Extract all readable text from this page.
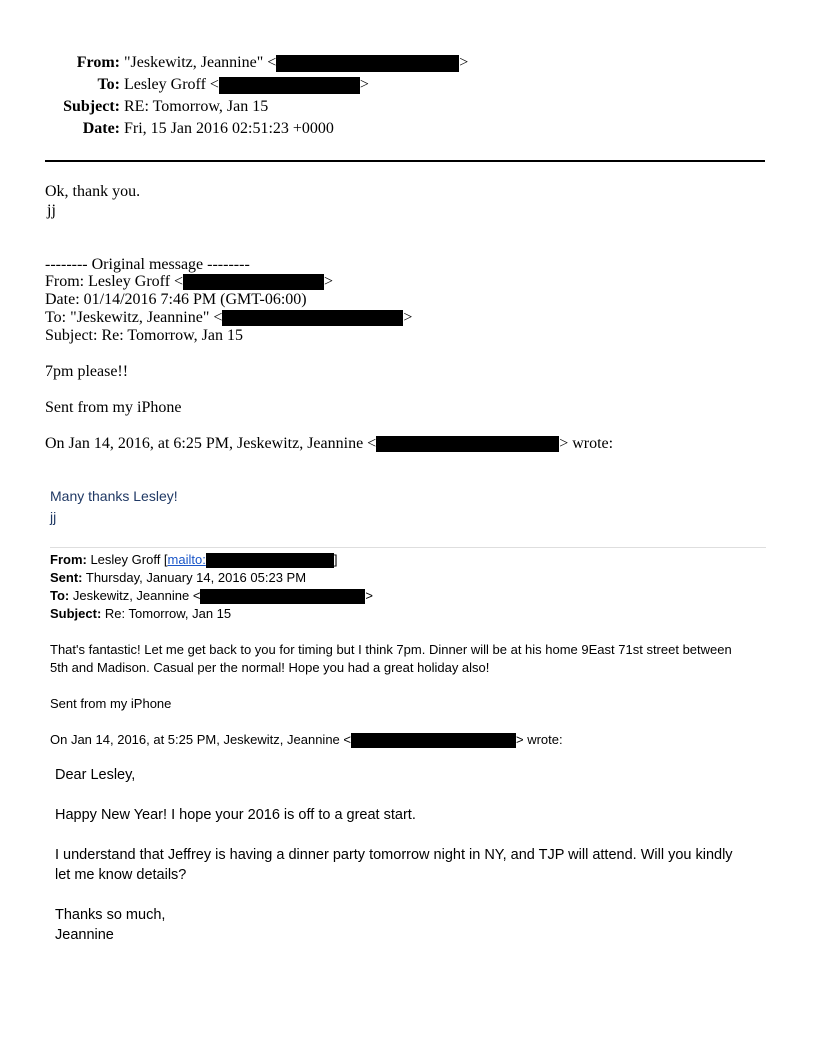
From: "Jeskewitz, Jeannine" <	>
To: Lesley Groff <	>
Subject: RE: Tomorrow, Jan 15
Date: Fri, 15 Jan 2016 02:51:23 +0000
Ok, thank you.
jj
-------- Original message --------
From: Lesley Groff <	>
Date: 01/14/2016 7:46 PM (GMT-06:00)
To: "Jeskewitz, Jeannine" <	>
Subject: Re: Tomorrow, Jan 15
7pm please!!
Sent from my iPhone
On Jan 14, 2016, at 6:25 PM, Jeskewitz, Jeannine <	> wrote:
Many thanks Lesley!
jj
From: Lesley Groff [mailto:	]
Sent: Thursday, January 14, 2016 05:23 PM
To: Jeskewitz, Jeannine <	>
Subject: Re: Tomorrow, Jan 15
That's fantastic! Let me get back to you for timing but I think 7pm. Dinner will be at his home 9East 71st street between
5th and Madison. Casual per the normal! Hope you had a great holiday also!
Sent from my iPhone
On Jan 14, 2016, at 5:25 PM, Jeskewitz, Jeannine <	> wrote:
Dear Lesley,
Happy New Year! I hope your 2016 is off to a great start.
I understand that Jeffrey is having a dinner party tomorrow night in NY, and TJP will attend. Will you kindly
let me know details?
Thanks so much,
Jeannine
